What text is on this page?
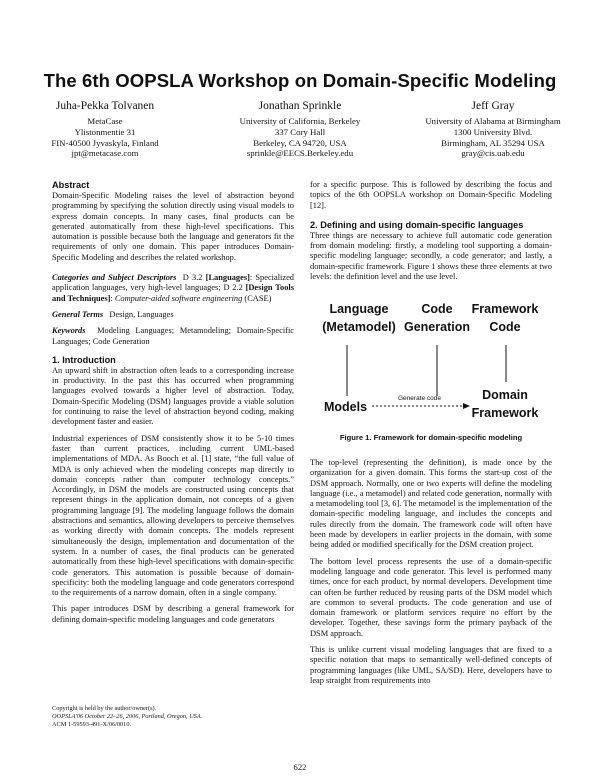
The 6th OOPSLA Workshop on Domain-Specific Modeling
Juha-Pekka Tolvanen
MetaCase
Ylistonmentie 31
FIN-40500 Jyvaskyla, Finland
jpt@metacase.com
Jonathan Sprinkle
University of California, Berkeley
337 Cory Hall
Berkeley, CA 94720, USA
sprinkle@EECS.Berkeley.edu
Jeff Gray
University of Alabama at Birmingham
1300 University Blvd.
Birmingham, AL 35294 USA
gray@cis.uab.edu
Abstract

Domain-Specific Modeling raises the level of abstraction beyond programming by specifying the solution directly using visual models to express domain concepts. In many cases, final products can be generated automatically from these high-level specifications. This automation is possible because both the language and generators fit the requirements of only one domain. This paper introduces Domain-Specific Modeling and describes the related workshop.

Categories and Subject Descriptors D 3.2 [Languages]: Specialized application languages, very high-level languages; D 2.2 [Design Tools and Techniques]: Computer-aided software engineering (CASE)

General Terms Design, Languages

Keywords Modeling Languages; Metamodeling; Domain-Specific Languages; Code Generation

1. Introduction

An upward shift in abstraction often leads to a corresponding increase in productivity. In the past this has occurred when programming languages evolved towards a higher level of abstraction. Today, Domain-Specific Modeling (DSM) languages provide a viable solution for continuing to raise the level of abstraction beyond coding, making development faster and easier.

Industrial experiences of DSM consistently show it to be 5-10 times faster than current practices, including current UML-based implementations of MDA. As Booch et al. [1] state, “the full value of MDA is only achieved when the modeling concepts map directly to domain concepts rather than computer technology concepts.” Accordingly, in DSM the models are constructed using concepts that represent things in the application domain, not concepts of a given programming language [9]. The modeling language follows the domain abstractions and semantics, allowing developers to perceive themselves as working directly with domain concepts. The models represent simultaneously the design, implementation and documentation of the system. In a number of cases, the final products can be generated automatically from these high-level specifications with domain-specific code generators. This automation is possible because of domain-specificity: both the modeling language and code generators correspond to the requirements of a narrow domain, often in a single company.

This paper introduces DSM by describing a general framework for defining domain-specific modeling languages and code generators

Copyright is held by the author/owner(s).
OOPSLA'06 October 22–26, 2006, Portland, Oregon, USA.
ACM 1-59593-491-X/06/0010.

for a specific purpose. This is followed by describing the focus and topics of the 6th OOPSLA workshop on Domain-Specific Modeling [12].

2. Defining and using domain-specific languages

Three things are necessary to achieve full automatic code generation from domain modeling: firstly, a modeling tool supporting a domain-specific modeling language; secondly, a code generator; and lastly, a domain-specific framework. Figure 1 shows these three elements at two levels: the definition level and the use level.

Language
(Metamodel)
Code
Generation
Framework
Code
Models
Generate code	Domain
Framework
Figure 1. Framework for domain-specific modeling

The top-level (representing the definition), is made once by the organization for a given domain. This forms the start-up cost of the DSM approach. Normally, one or two experts will define the modeling language (i.e., a metamodel) and related code generation, normally with a metamodeling tool [3, 6]. The metamodel is the implementation of the domain-specific modeling language, and includes the concepts and rules directly from the domain. The framework code will often have been made by developers in earlier projects in the domain, with some being added or modified specifically for the DSM creation project.

The bottom level process represents the use of a domain-specific modeling language and code generator. This level is performed many times, once for each product, by normal developers. Development time can often be further reduced by reusing parts of the DSM model which are common to several products. The code generation and use of domain framework or platform services require no effort by the developer. Together, these savings form the primary payback of the DSM approach.

This is unlike current visual modeling languages that are fixed to a specific notation that maps to semantically well-defined concepts of programming languages (like UML, SA/SD). Here, developers have to leap straight from requirements into

622
